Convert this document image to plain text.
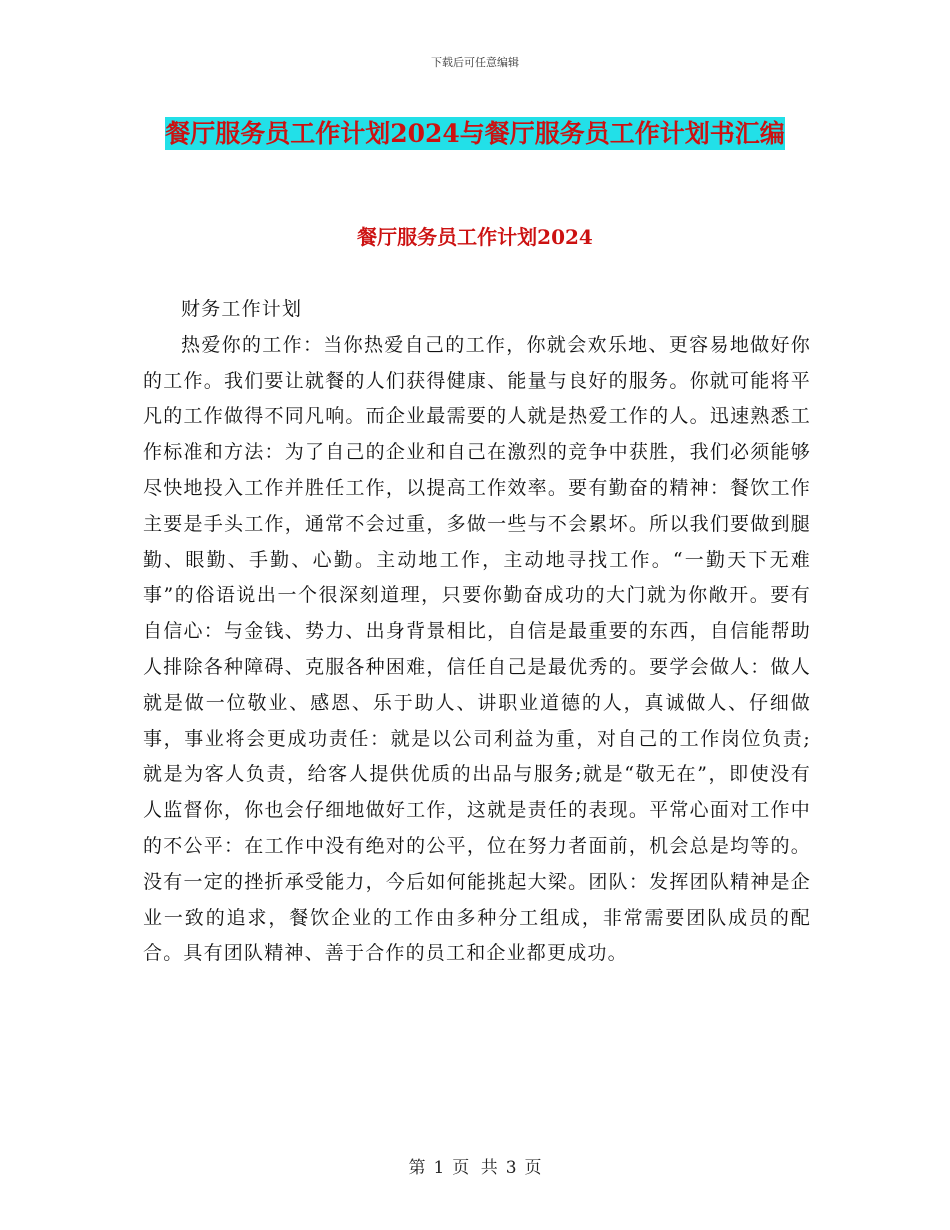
下载后可任意编辑
餐厅服务员工作计划2024与餐厅服务员工作计划书汇编
餐厅服务员工作计划2024

财务工作计划

热爱你的工作：当你热爱自己的工作，你就会欢乐地、更容易地做好你的工作。我们要让就餐的人们获得健康、能量与良好的服务。你就可能将平凡的工作做得不同凡响。而企业最需要的人就是热爱工作的人。迅速熟悉工作标准和方法：为了自己的企业和自己在激烈的竞争中获胜，我们必须能够尽快地投入工作并胜任工作，以提高工作效率。要有勤奋的精神：餐饮工作主要是手头工作，通常不会过重，多做一些与不会累坏。所以我们要做到腿勤、眼勤、手勤、心勤。主动地工作，主动地寻找工作。“一勤天下无难事”的俗语说出一个很深刻道理，只要你勤奋成功的大门就为你敞开。要有自信心：与金钱、势力、出身背景相比，自信是最重要的东西，自信能帮助人排除各种障碍、克服各种困难，信任自己是最优秀的。要学会做人：做人就是做一位敬业、感恩、乐于助人、讲职业道德的人，真诚做人、仔细做事，事业将会更成功责任：就是以公司利益为重，对自己的工作岗位负责;就是为客人负责，给客人提供优质的出品与服务;就是“敬无在”，即使没有人监督你，你也会仔细地做好工作，这就是责任的表现。平常心面对工作中的不公平：在工作中没有绝对的公平，位在努力者面前，机会总是均等的。没有一定的挫折承受能力，今后如何能挑起大梁。团队：发挥团队精神是企业一致的追求，餐饮企业的工作由多种分工组成，非常需要团队成员的配合。具有团队精神、善于合作的员工和企业都更成功。

第 1 页 共 3 页
